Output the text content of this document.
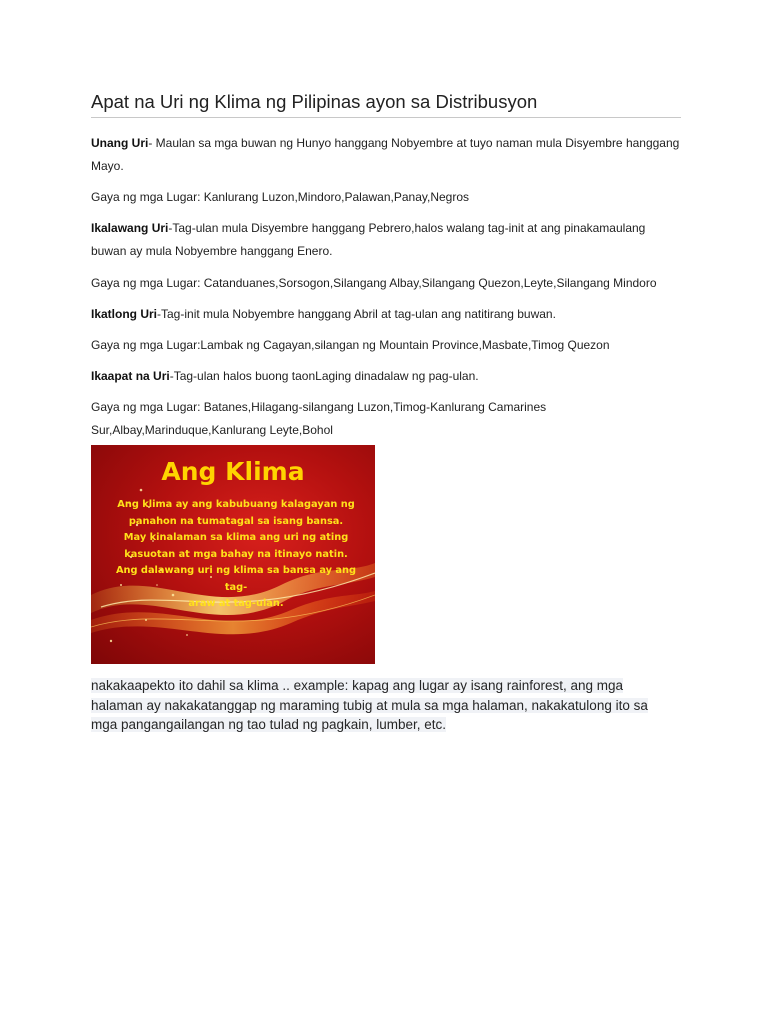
Apat na Uri ng Klima ng Pilipinas ayon sa Distribusyon
Unang Uri- Maulan sa mga buwan ng Hunyo hanggang Nobyembre at tuyo naman mula Disyembre hanggang Mayo.
Gaya ng mga Lugar: Kanlurang Luzon,Mindoro,Palawan,Panay,Negros
Ikalawang Uri-Tag-ulan mula Disyembre hanggang Pebrero,halos walang tag-init at ang pinakamaulang buwan ay mula Nobyembre hanggang Enero.
Gaya ng mga Lugar: Catanduanes,Sorsogon,Silangang Albay,Silangang Quezon,Leyte,Silangang Mindoro
Ikatlong Uri-Tag-init mula Nobyembre hanggang Abril at tag-ulan ang natitirang buwan.
Gaya ng mga Lugar:Lambak ng Cagayan,silangan ng Mountain Province,Masbate,Timog Quezon
Ikaapat na Uri-Tag-ulan halos buong taonLaging dinadalaw ng pag-ulan.
Gaya ng mga Lugar: Batanes,Hilagang-silangang Luzon,Timog-Kanlurang Camarines Sur,Albay,Marinduque,Kanlurang Leyte,Bohol
Ang Klima
Ang klima ay ang kabubuang kalagayan ng
panahon na tumatagal sa isang bansa.
May kinalaman sa klima ang uri ng ating
kasuotan at mga bahay na itinayo natin.
Ang dalawang uri ng klima sa bansa ay ang tag-
araw at tag-ulan.
nakakaapekto ito dahil sa klima .. example: kapag ang lugar ay isang rainforest, ang mga halaman ay nakakatanggap ng maraming tubig at mula sa mga halaman, nakakatulong ito sa mga pangangailangan ng tao tulad ng pagkain, lumber, etc.
